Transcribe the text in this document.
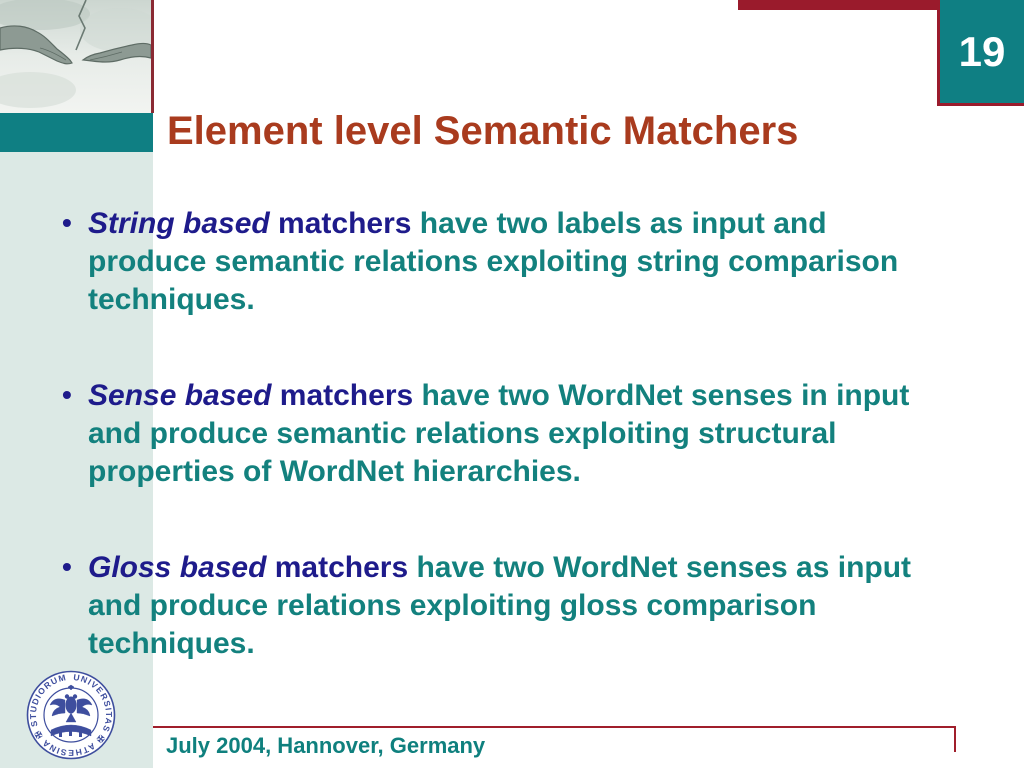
19
Element level Semantic Matchers
• String based matchers have two labels as input and produce semantic relations exploiting string comparison techniques.
• Sense based matchers have two WordNet senses in input and produce semantic relations exploiting structural properties of WordNet hierarchies.
• Gloss based matchers have two WordNet senses as input and produce relations exploiting gloss comparison techniques.
UNIVERSITAS ✠ ATHESINA ✠ STUDIORUM
July 2004, Hannover, Germany
